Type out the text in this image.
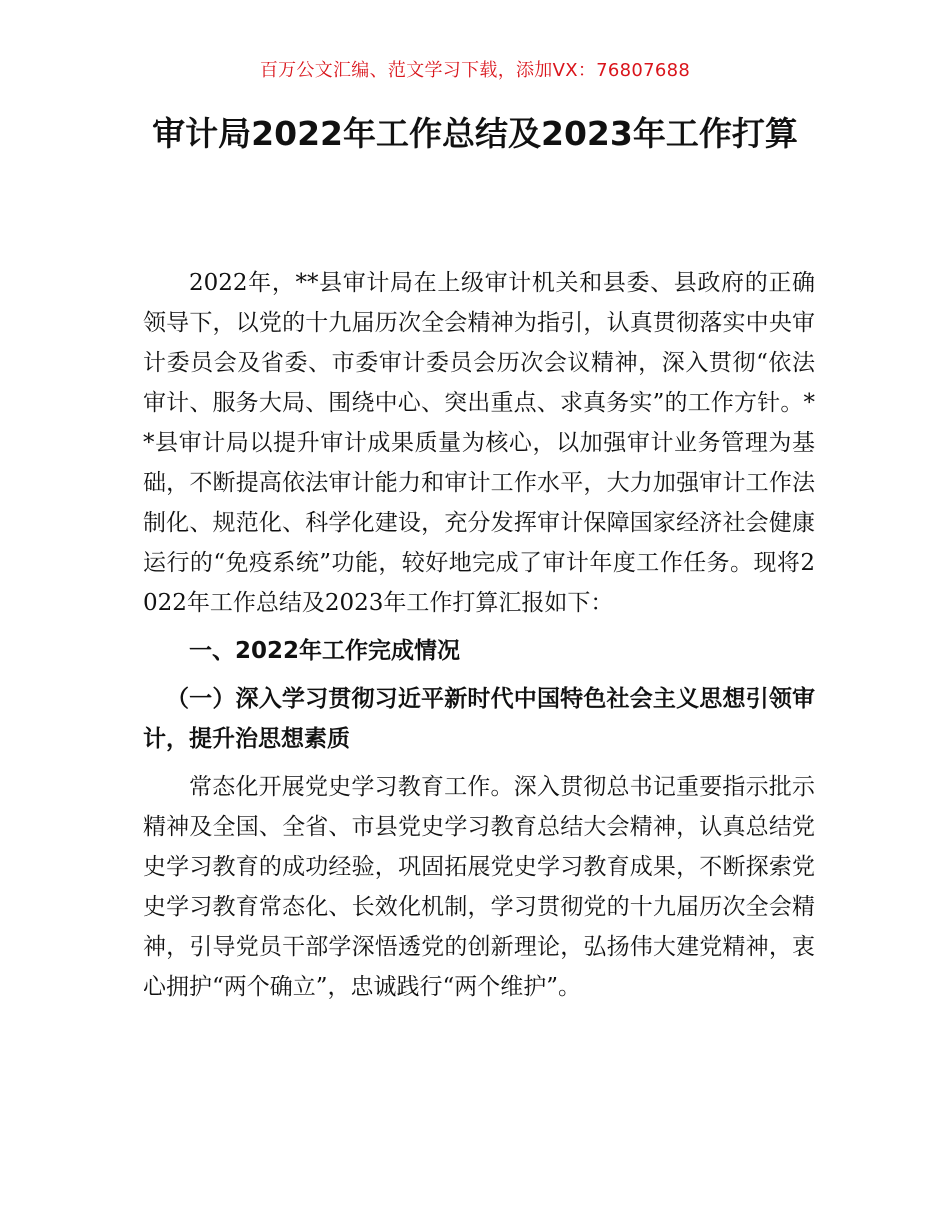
百万公文汇编、范文学习下载，添加VX：76807688
审计局2022年工作总结及2023年工作打算

2022年，**县审计局在上级审计机关和县委、县政府的正确领导下，以党的十九届历次全会精神为指引，认真贯彻落实中央审计委员会及省委、市委审计委员会历次会议精神，深入贯彻“依法审计、服务大局、围绕中心、突出重点、求真务实”的工作方针。**县审计局以提升审计成果质量为核心，以加强审计业务管理为基础，不断提高依法审计能力和审计工作水平，大力加强审计工作法制化、规范化、科学化建设，充分发挥审计保障国家经济社会健康运行的“免疫系统”功能，较好地完成了审计年度工作任务。现将2022年工作总结及2023年工作打算汇报如下：

一、2022年工作完成情况

（一）深入学习贯彻习近平新时代中国特色社会主义思想引领审计，提升治思想素质

常态化开展党史学习教育工作。深入贯彻总书记重要指示批示精神及全国、全省、市县党史学习教育总结大会精神，认真总结党史学习教育的成功经验，巩固拓展党史学习教育成果，不断探索党史学习教育常态化、长效化机制，学习贯彻党的十九届历次全会精神，引导党员干部学深悟透党的创新理论，弘扬伟大建党精神，衷心拥护“两个确立”，忠诚践行“两个维护”。
